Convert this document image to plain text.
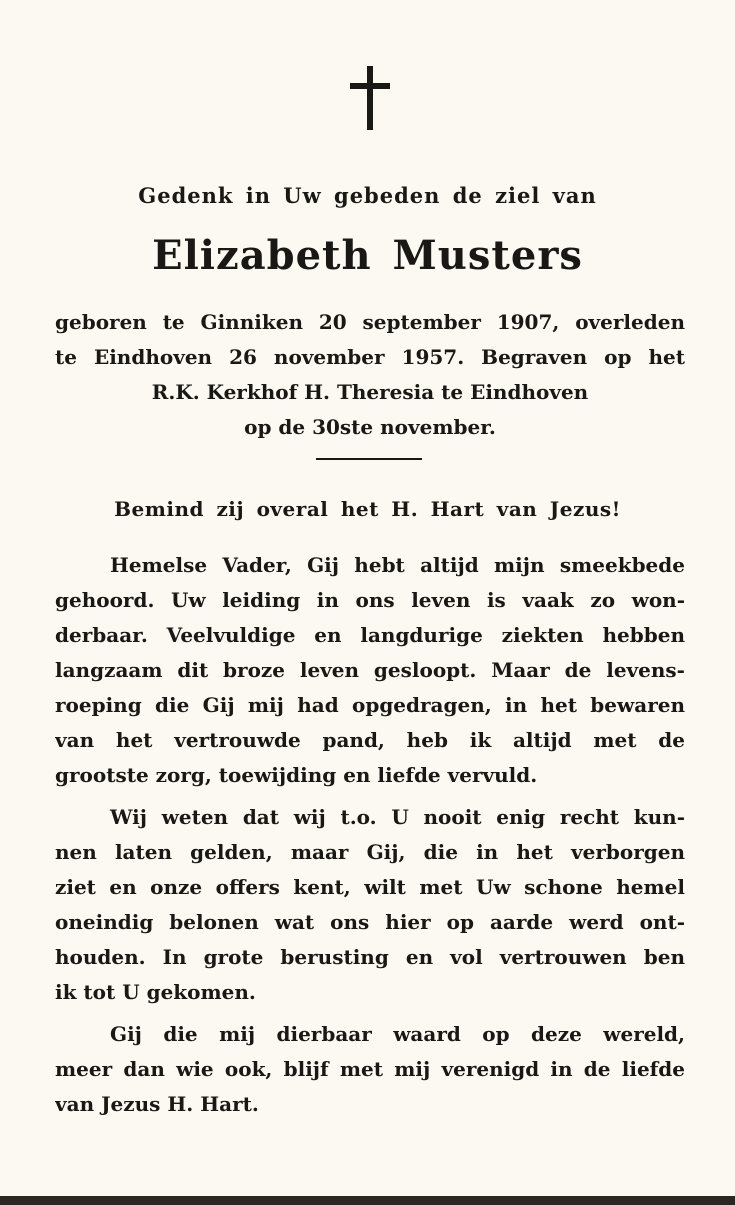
Gedenk in Uw gebeden de ziel van
Elizabeth Musters
geboren te Ginniken 20 september 1907, overleden
te Eindhoven 26 november 1957. Begraven op het
R.K. Kerkhof H. Theresia te Eindhoven
op de 30ste november.
Bemind zij overal het H. Hart van Jezus!
Hemelse Vader, Gij hebt altijd mijn smeekbede
gehoord. Uw leiding in ons leven is vaak zo won-
derbaar. Veelvuldige en langdurige ziekten hebben
langzaam dit broze leven gesloopt. Maar de levens-
roeping die Gij mij had opgedragen, in het bewaren
van het vertrouwde pand, heb ik altijd met de
grootste zorg, toewijding en liefde vervuld.
Wij weten dat wij t.o. U nooit enig recht kun-
nen laten gelden, maar Gij, die in het verborgen
ziet en onze offers kent, wilt met Uw schone hemel
oneindig belonen wat ons hier op aarde werd ont-
houden. In grote berusting en vol vertrouwen ben
ik tot U gekomen.
Gij die mij dierbaar waard op deze wereld,
meer dan wie ook, blijf met mij verenigd in de liefde
van Jezus H. Hart.
